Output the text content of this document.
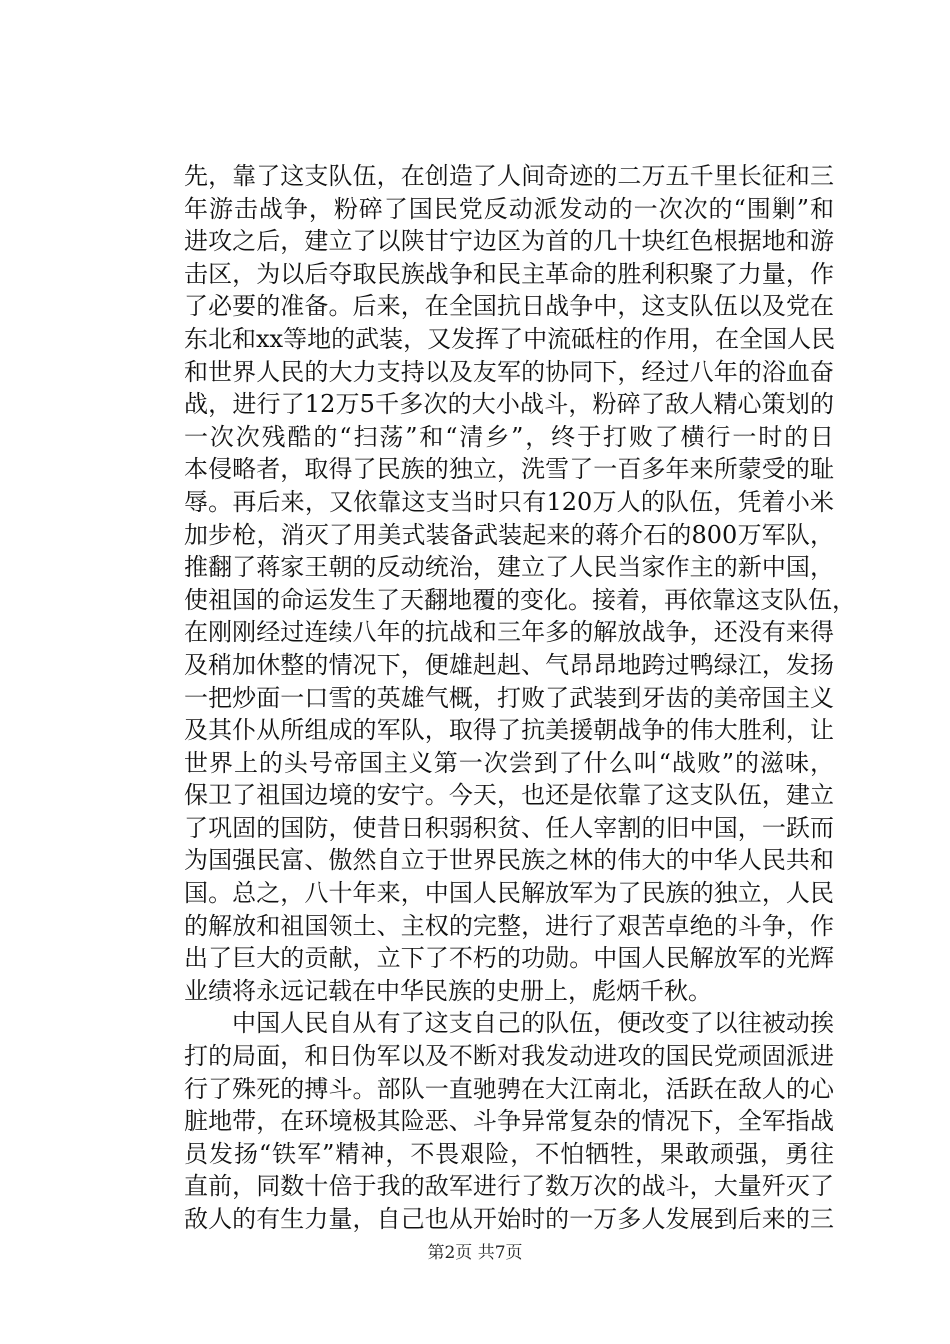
先，靠了这支队伍，在创造了人间奇迹的二万五千里长征和三
年游击战争，粉碎了国民党反动派发动的一次次的“围剿”和
进攻之后，建立了以陕甘宁边区为首的几十块红色根据地和游
击区，为以后夺取民族战争和民主革命的胜利积聚了力量，作
了必要的准备。后来，在全国抗日战争中，这支队伍以及党在
东北和xx等地的武装，又发挥了中流砥柱的作用，在全国人民
和世界人民的大力支持以及友军的协同下，经过八年的浴血奋
战，进行了12万5千多次的大小战斗，粉碎了敌人精心策划的
一次次残酷的“扫荡”和“清乡”，终于打败了横行一时的日
本侵略者，取得了民族的独立，洗雪了一百多年来所蒙受的耻
辱。再后来，又依靠这支当时只有120万人的队伍，凭着小米
加步枪，消灭了用美式装备武装起来的蒋介石的800万军队，
推翻了蒋家王朝的反动统治，建立了人民当家作主的新中国，
使祖国的命运发生了天翻地覆的变化。接着，再依靠这支队伍，
在刚刚经过连续八年的抗战和三年多的解放战争，还没有来得
及稍加休整的情况下，便雄赳赳、气昂昂地跨过鸭绿江，发扬
一把炒面一口雪的英雄气概，打败了武装到牙齿的美帝国主义
及其仆从所组成的军队，取得了抗美援朝战争的伟大胜利，让
世界上的头号帝国主义第一次尝到了什么叫“战败”的滋味，
保卫了祖国边境的安宁。今天，也还是依靠了这支队伍，建立
了巩固的国防，使昔日积弱积贫、任人宰割的旧中国，一跃而
为国强民富、傲然自立于世界民族之林的伟大的中华人民共和
国。总之，八十年来，中国人民解放军为了民族的独立，人民
的解放和祖国领土、主权的完整，进行了艰苦卓绝的斗争，作
出了巨大的贡献，立下了不朽的功勋。中国人民解放军的光辉
业绩将永远记载在中华民族的史册上，彪炳千秋。
中国人民自从有了这支自己的队伍，便改变了以往被动挨
打的局面，和日伪军以及不断对我发动进攻的国民党顽固派进
行了殊死的搏斗。部队一直驰骋在大江南北，活跃在敌人的心
脏地带，在环境极其险恶、斗争异常复杂的情况下，全军指战
员发扬“铁军”精神，不畏艰险，不怕牺牲，果敢顽强，勇往
直前，同数十倍于我的敌军进行了数万次的战斗，大量歼灭了
敌人的有生力量，自己也从开始时的一万多人发展到后来的三
第2页 共7页
